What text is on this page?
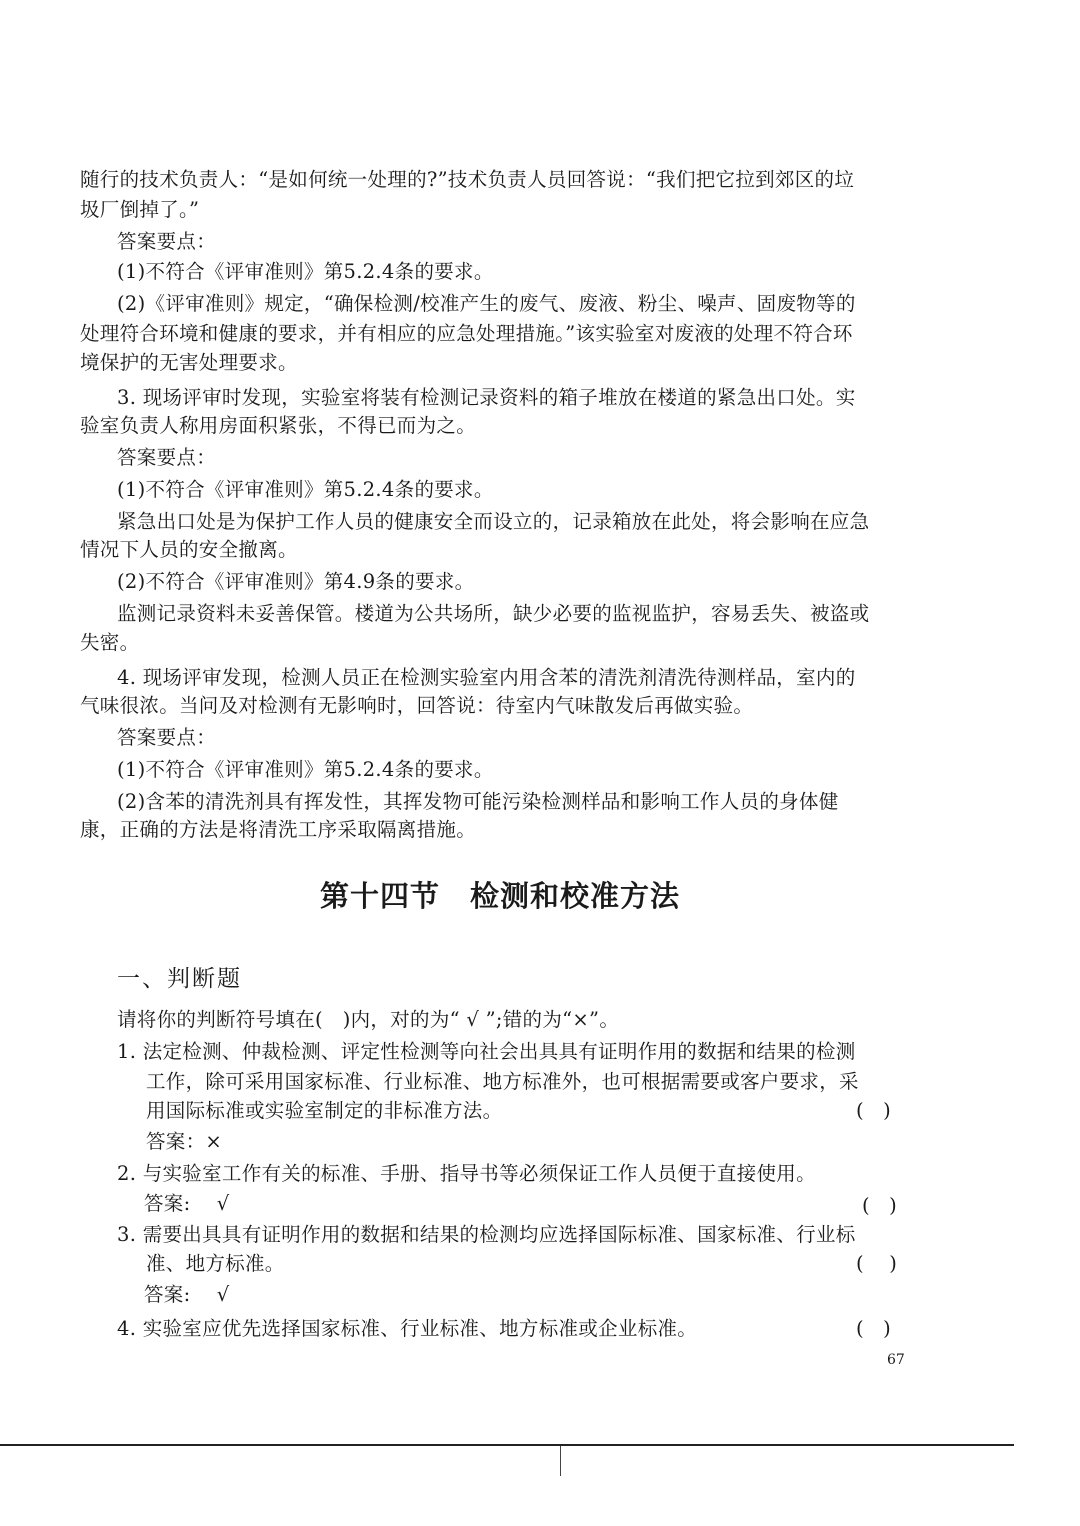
随行的技术负责人：“是如何统一处理的?”技术负责人员回答说：“我们把它拉到郊区的垃
圾厂倒掉了。”
答案要点：
(1)不符合《评审准则》第5.2.4条的要求。
(2)《评审准则》规定，“确保检测/校准产生的废气、废液、粉尘、噪声、固废物等的
处理符合环境和健康的要求，并有相应的应急处理措施。”该实验室对废液的处理不符合环
境保护的无害处理要求。
3. 现场评审时发现，实验室将装有检测记录资料的箱子堆放在楼道的紧急出口处。实
验室负责人称用房面积紧张，不得已而为之。
答案要点：
(1)不符合《评审准则》第5.2.4条的要求。
紧急出口处是为保护工作人员的健康安全而设立的，记录箱放在此处，将会影响在应急
情况下人员的安全撤离。
(2)不符合《评审准则》第4.9条的要求。
监测记录资料未妥善保管。楼道为公共场所，缺少必要的监视监护，容易丢失、被盗或
失密。
4. 现场评审发现，检测人员正在检测实验室内用含苯的清洗剂清洗待测样品，室内的
气味很浓。当问及对检测有无影响时，回答说：待室内气味散发后再做实验。
答案要点：
(1)不符合《评审准则》第5.2.4条的要求。
(2)含苯的清洗剂具有挥发性，其挥发物可能污染检测样品和影响工作人员的身体健
康，正确的方法是将清洗工序采取隔离措施。
第十四节　检测和校准方法
一、判断题
请将你的判断符号填在(　)内，对的为“ √ ”;错的为“×”。
1. 法定检测、仲裁检测、评定性检测等向社会出具具有证明作用的数据和结果的检测
工作，除可采用国家标准、行业标准、地方标准外，也可根据需要或客户要求，采
用国际标准或实验室制定的非标准方法。	(　)
答案：×
2. 与实验室工作有关的标准、手册、指导书等必须保证工作人员便于直接使用。
答案:　 √	(　)
3. 需要出具具有证明作用的数据和结果的检测均应选择国际标准、国家标准、行业标
准、地方标准。	(　 )
答案:　 √
4. 实验室应优先选择国家标准、行业标准、地方标准或企业标准。	(　)
67
